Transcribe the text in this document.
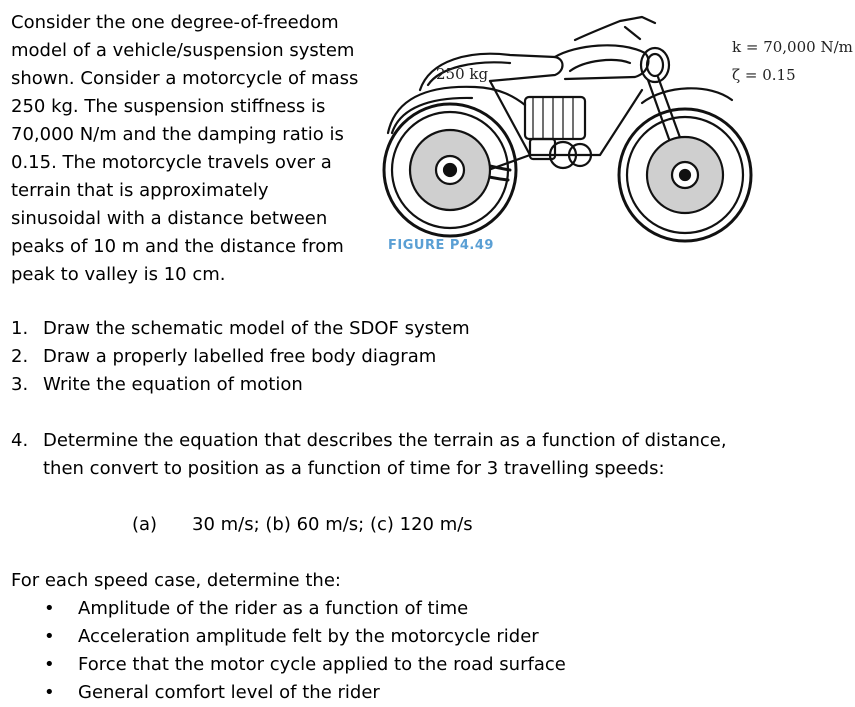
Consider the one degree-of-freedom
model of a vehicle/suspension system
shown. Consider a motorcycle of mass
250 kg. The suspension stiffness is
70,000 N/m and the damping ratio is
0.15. The motorcycle travels over a
terrain that is approximately
sinusoidal with a distance between
peaks of 10 m and the distance from
peak to valley is 10 cm.
250 kg
k = 70,000 N/m
ζ = 0.15
FIGURE P4.49
1. Draw the schematic model of the SDOF system
2. Draw a properly labelled free body diagram
3. Write the equation of motion
4. Determine the equation that describes the terrain as a function of distance,
then convert to position as a function of time for 3 travelling speeds:
(a) 30 m/s; (b) 60 m/s; (c) 120 m/s
For each speed case, determine the:
•	Amplitude of the rider as a function of time
•	Acceleration amplitude felt by the motorcycle rider
•	Force that the motor cycle applied to the road surface
•	General comfort level of the rider
